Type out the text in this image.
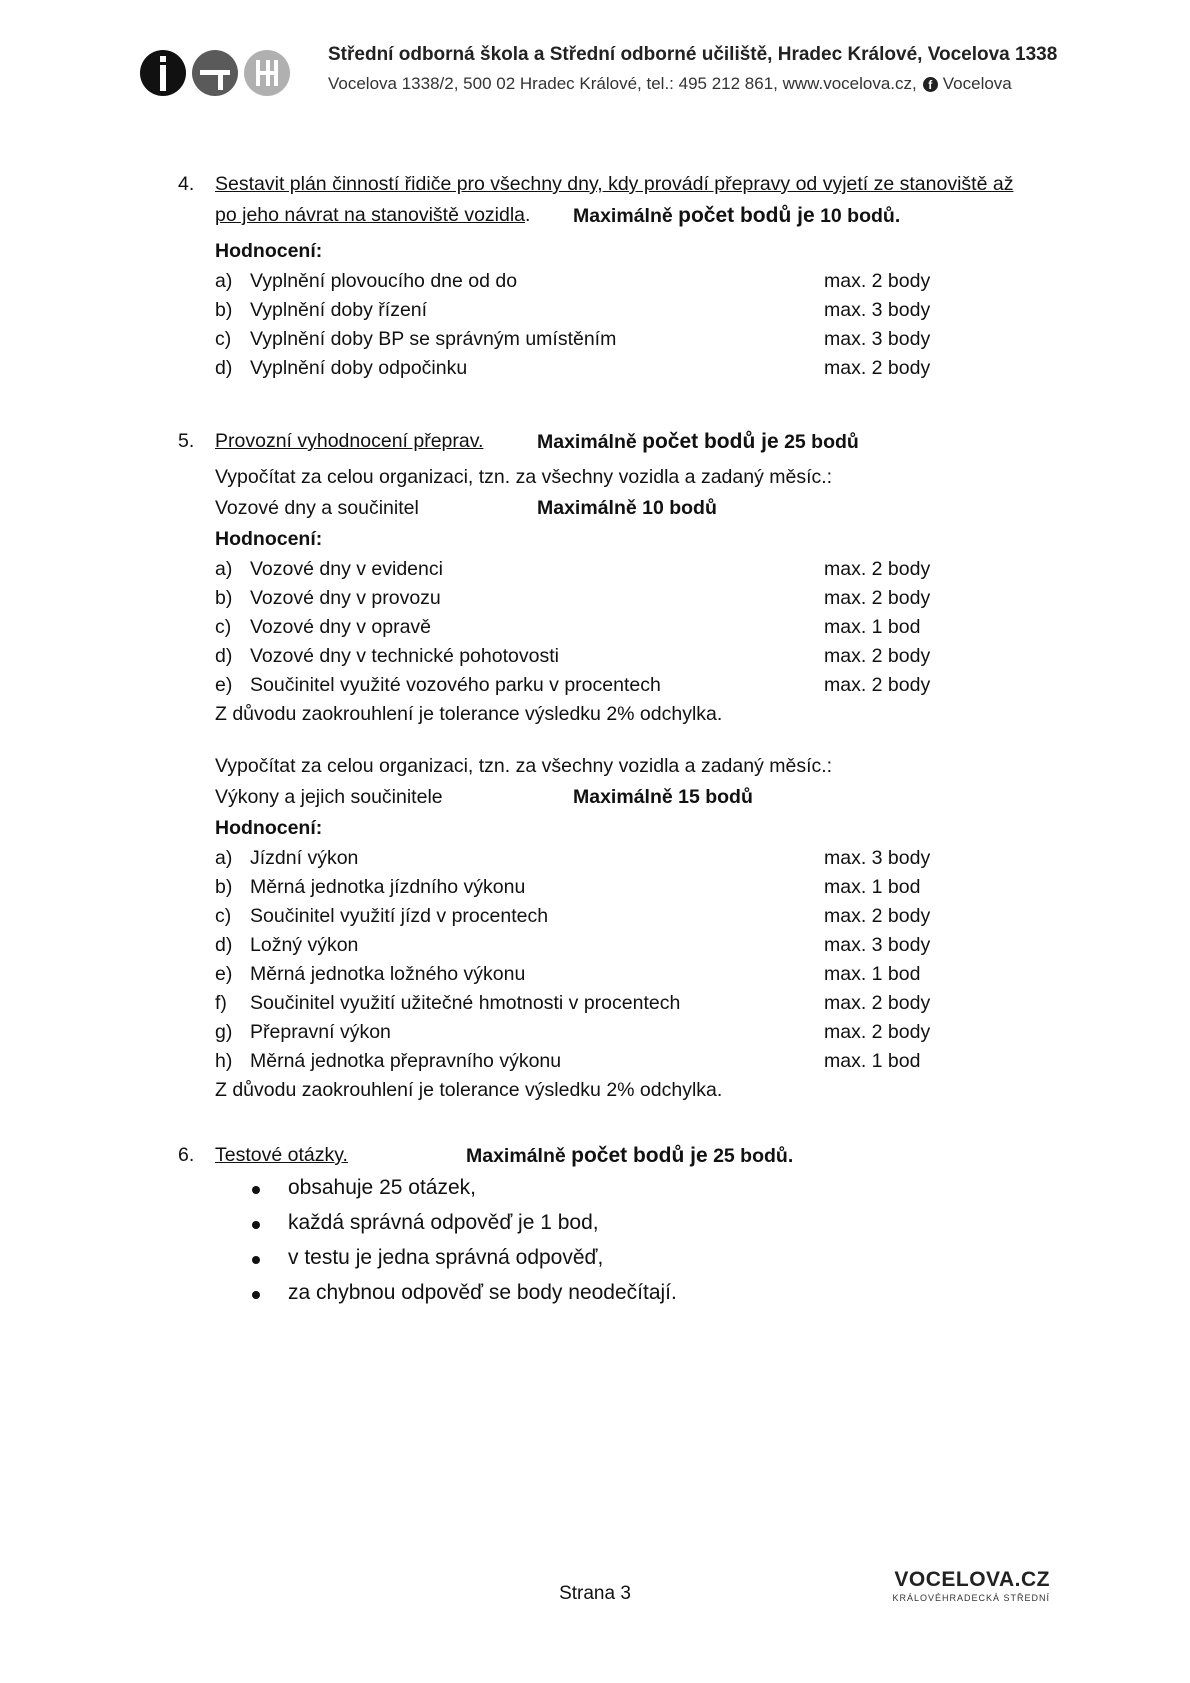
Střední odborná škola a Střední odborné učiliště, Hradec Králové, Vocelova 1338
Vocelova 1338/2, 500 02 Hradec Králové, tel.: 495 212 861, www.vocelova.cz, f Vocelova
4. Sestavit plán činností řidiče pro všechny dny, kdy provádí přepravy od vyjetí ze stanoviště až
po jeho návrat na stanoviště vozidla. Maximálně počet bodů je 10 bodů.
Hodnocení:
a) Vyplnění plovoucího dne od do	max. 2 body
b) Vyplnění doby řízení	max. 3 body
c) Vyplnění doby BP se správným umístěním	max. 3 body
d) Vyplnění doby odpočinku	max. 2 body
5. Provozní vyhodnocení přeprav.	Maximálně počet bodů je 25 bodů
Vypočítat za celou organizaci, tzn. za všechny vozidla a zadaný měsíc.:
Vozové dny a součinitel	Maximálně 10 bodů
Hodnocení:
a) Vozové dny v evidenci	max. 2 body
b) Vozové dny v provozu	max. 2 body
c) Vozové dny v opravě	max. 1 bod
d) Vozové dny v technické pohotovosti	max. 2 body
e) Součinitel využité vozového parku v procentech	max. 2 body
Z důvodu zaokrouhlení je tolerance výsledku 2% odchylka.
Vypočítat za celou organizaci, tzn. za všechny vozidla a zadaný měsíc.:
Výkony a jejich součinitele	Maximálně 15 bodů
Hodnocení:
a) Jízdní výkon	max. 3 body
b) Měrná jednotka jízdního výkonu	max. 1 bod
c) Součinitel využití jízd v procentech	max. 2 body
d) Ložný výkon	max. 3 body
e) Měrná jednotka ložného výkonu	max. 1 bod
f) Součinitel využití užitečné hmotnosti v procentech	max. 2 body
g) Přepravní výkon	max. 2 body
h) Měrná jednotka přepravního výkonu	max. 1 bod
Z důvodu zaokrouhlení je tolerance výsledku 2% odchylka.
6. Testové otázky.	Maximálně počet bodů je 25 bodů.
obsahuje 25 otázek,
každá správná odpověď je 1 bod,
v testu je jedna správná odpověď,
za chybnou odpověď se body neodečítají.
Strana 3
VOCELOVA.CZ
KRÁLOVÉHRADECKÁ STŘEDNÍ
